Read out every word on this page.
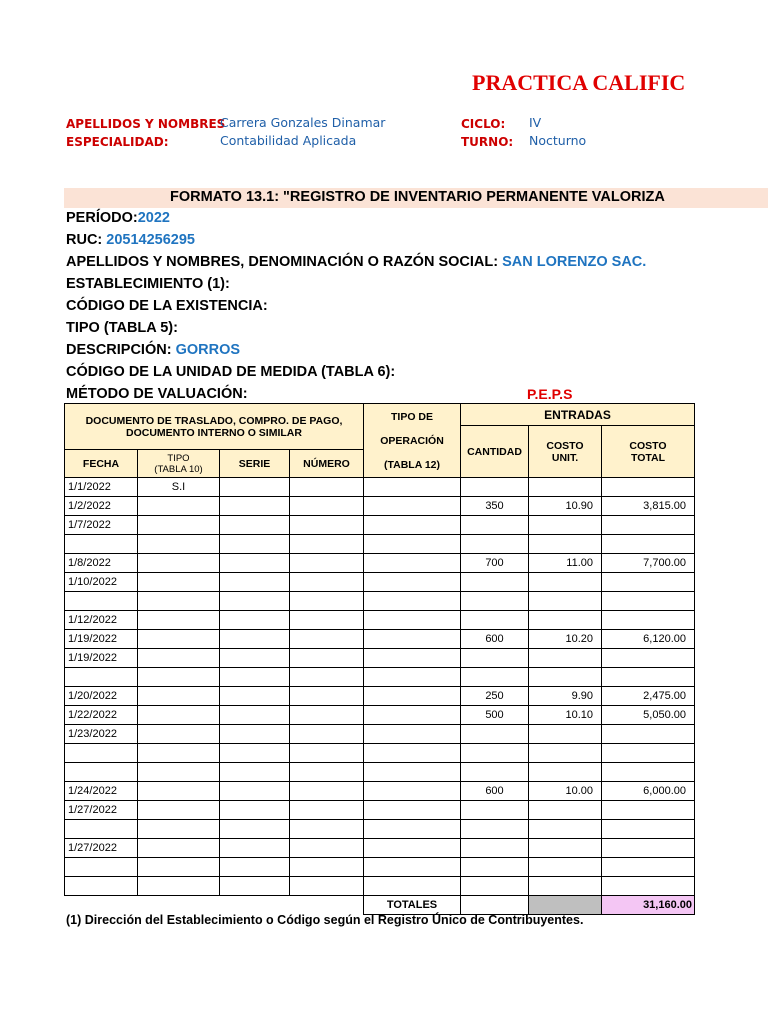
PRACTICA CALIFIC
APELLIDOS Y NOMBRES
Carrera Gonzales Dinamar	CICLO: IV
ESPECIALIDAD:	Contabilidad Aplicada	TURNO: Nocturno
FORMATO 13.1: "REGISTRO DE INVENTARIO PERMANENTE VALORIZA
PERÍODO:2022
RUC: 20514256295
APELLIDOS Y NOMBRES, DENOMINACIÓN O RAZÓN SOCIAL: SAN LORENZO SAC.
ESTABLECIMIENTO (1):
CÓDIGO DE LA EXISTENCIA:
TIPO (TABLA 5):
DESCRIPCIÓN: GORROS
CÓDIGO DE LA UNIDAD DE MEDIDA (TABLA 6):
MÉTODO DE VALUACIÓN:	P.E.P.S
DOCUMENTO DE TRASLADO, COMPRO. DE PAGO, DOCUMENTO INTERNO O SIMILAR				TIPO DE
OPERACIÓN
(TABLA 12)	ENTRADAS		
					CANTIDAD	COSTO UNIT.	COSTO TOTAL
FECHA	TIPO
(TABLA 10)	SERIE	NÚMERO				
1/1/2022	S.I						
1/2/2022					350	10.90	3,815.00
1/7/2022							

1/8/2022					700	11.00	7,700.00
1/10/2022							

1/12/2022							
1/19/2022					600	10.20	6,120.00
1/19/2022							

1/20/2022					250	9.90	2,475.00
1/22/2022					500	10.10	5,050.00
1/23/2022							

1/24/2022					600	10.00	6,000.00
1/27/2022							

1/27/2022							

				TOTALES			31,160.00
(1) Dirección del Establecimiento o Código según el Registro Único de Contribuyentes.
